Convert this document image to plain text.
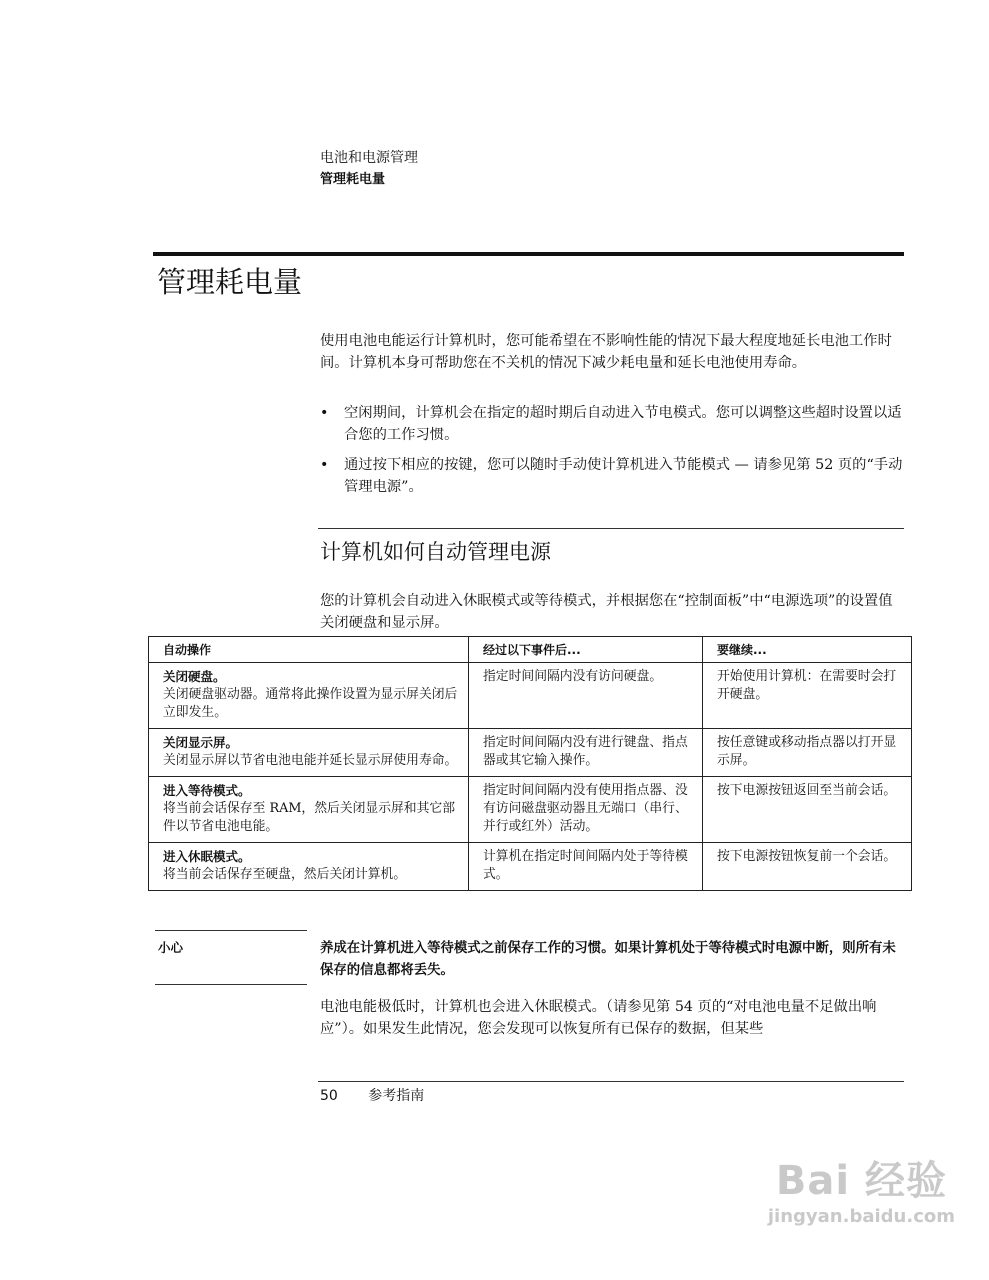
电池和电源管理
管理耗电量
管理耗电量
使用电池电能运行计算机时，您可能希望在不影响性能的情况下最大程度地延长电池工作时间。计算机本身可帮助您在不关机的情况下减少耗电量和延长电池使用寿命。
• 空闲期间，计算机会在指定的超时期后自动进入节电模式。您可以调整这些超时设置以适合您的工作习惯。
• 通过按下相应的按键，您可以随时手动使计算机进入节能模式 — 请参见第 52 页的“手动管理电源”。
计算机如何自动管理电源
您的计算机会自动进入休眠模式或等待模式，并根据您在“控制面板”中“电源选项”的设置值关闭硬盘和显示屏。
自动操作	经过以下事件后...	要继续...

关闭硬盘。
关闭硬盘驱动器。通常将此操作设置为显示屏关闭后立即发生。	指定时间间隔内没有访问硬盘。	开始使用计算机：在需要时会打开硬盘。

关闭显示屏。
关闭显示屏以节省电池电能并延长显示屏使用寿命。	指定时间间隔内没有进行键盘、指点器或其它输入操作。	按任意键或移动指点器以打开显示屏。

进入等待模式。
将当前会话保存至 RAM，然后关闭显示屏和其它部件以节省电池电能。	指定时间间隔内没有使用指点器、没有访问磁盘驱动器且无端口（串行、并行或红外）活动。	按下电源按钮返回至当前会话。

进入休眠模式。
将当前会话保存至硬盘，然后关闭计算机。	计算机在指定时间间隔内处于等待模式。	按下电源按钮恢复前一个会话。
小心	养成在计算机进入等待模式之前保存工作的习惯。如果计算机处于等待模式时电源中断，则所有未保存的信息都将丢失。
电池电能极低时，计算机也会进入休眠模式。（请参见第 54 页的“对电池电量不足做出响应”）。如果发生此情况，您会发现可以恢复所有已保存的数据，但某些
50 参考指南
Bai 经验
jingyan.baidu.com
